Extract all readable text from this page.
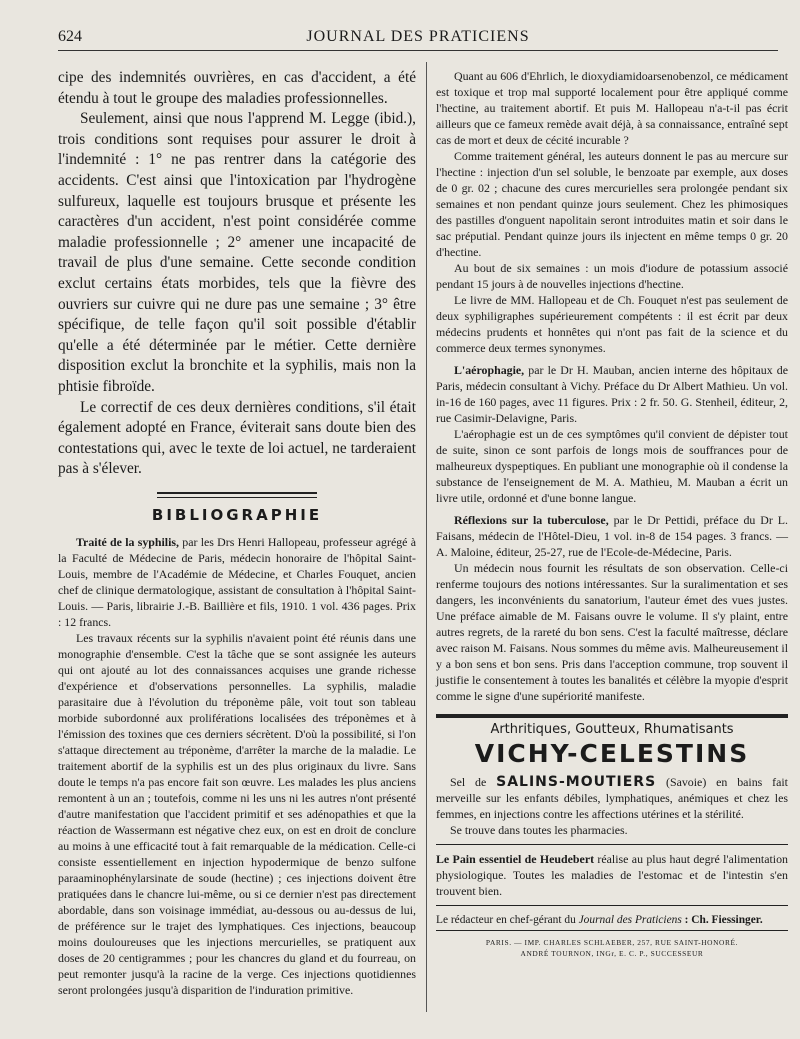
624	JOURNAL DES PRATICIENS

cipe des indemnités ouvrières, en cas d'accident, a été étendu à tout le groupe des maladies professionnelles.

Seulement, ainsi que nous l'apprend M. Legge (ibid.), trois conditions sont requises pour assurer le droit à l'indemnité : 1° ne pas rentrer dans la catégorie des accidents. C'est ainsi que l'intoxication par l'hydrogène sulfureux, laquelle est toujours brusque et présente les caractères d'un accident, n'est point considérée comme maladie professionnelle ; 2° amener une incapacité de travail de plus d'une semaine. Cette seconde condition exclut certains états morbides, tels que la fièvre des ouvriers sur cuivre qui ne dure pas une semaine ; 3° être spécifique, de telle façon qu'il soit possible d'établir qu'elle a été déterminée par le métier. Cette dernière disposition exclut la bronchite et la syphilis, mais non la phtisie fibroïde.

Le correctif de ces deux dernières conditions, s'il était également adopté en France, éviterait sans doute bien des contestations qui, avec le texte de loi actuel, ne tarderaient pas à s'élever.

BIBLIOGRAPHIE

Traité de la syphilis, par les Drs Henri Hallopeau, professeur agrégé à la Faculté de Médecine de Paris, médecin honoraire de l'hôpital Saint-Louis, membre de l'Académie de Médecine, et Charles Fouquet, ancien chef de clinique dermatologique, assistant de consultation à l'hôpital Saint-Louis. — Paris, librairie J.-B. Baillière et fils, 1910. 1 vol. 436 pages. Prix : 12 francs.

Les travaux récents sur la syphilis n'avaient point été réunis dans une monographie d'ensemble. C'est la tâche que se sont assignée les auteurs qui ont ajouté au lot des connaissances acquises une grande richesse d'expérience et d'observations personnelles. La syphilis, maladie parasitaire due à l'évolution du tréponème pâle, voit tout son tableau morbide subordonné aux proliférations localisées des tréponèmes et à l'émission des toxines que ces derniers sécrètent. D'où la possibilité, si l'on s'attaque directement au tréponème, d'arrêter la marche de la maladie. Le traitement abortif de la syphilis est un des plus originaux du livre. Sans doute le temps n'a pas encore fait son œuvre. Les malades les plus anciens remontent à un an ; toutefois, comme ni les uns ni les autres n'ont présenté d'autre manifestation que l'accident primitif et ses adénopathies et que la réaction de Wassermann est négative chez eux, on est en droit de conclure au moins à une efficacité tout à fait remarquable de la médication. Celle-ci consiste essentiellement en injection hypodermique de benzo sulfone paraaminophénylarsinate de soude (hectine) ; ces injections doivent être pratiquées dans le chancre lui-même, ou si ce dernier n'est pas directement abordable, dans son voisinage immédiat, au-dessous ou au-dessus de lui, de préférence sur le trajet des lymphatiques. Ces injections, beaucoup moins douloureuses que les injections mercurielles, se pratiquent aux doses de 20 centigrammes ; pour les chancres du gland et du fourreau, on peut remonter jusqu'à la racine de la verge. Ces injections quotidiennes seront prolongées jusqu'à disparition de l'induration primitive.

Quant au 606 d'Ehrlich, le dioxydiamidoarsenobenzol, ce médicament est toxique et trop mal supporté localement pour être appliqué comme l'hectine, au traitement abortif. Et puis M. Hallopeau n'a-t-il pas écrit ailleurs que ce fameux remède avait déjà, à sa connaissance, entraîné sept cas de mort et deux de cécité incurable ?

Comme traitement général, les auteurs donnent le pas au mercure sur l'hectine : injection d'un sel soluble, le benzoate par exemple, aux doses de 0 gr. 02 ; chacune des cures mercurielles sera prolongée pendant six semaines et non pendant quinze jours seulement. Chez les phimosiques des pastilles d'onguent napolitain seront introduites matin et soir dans le sac préputial. Pendant quinze jours ils injectent en même temps 0 gr. 20 d'hectine.

Au bout de six semaines : un mois d'iodure de potassium associé pendant 15 jours à de nouvelles injections d'hectine.

Le livre de MM. Hallopeau et de Ch. Fouquet n'est pas seulement de deux syphiligraphes supérieurement compétents : il est écrit par deux médecins prudents et honnêtes qui n'ont pas fait de la science et du commerce deux termes synonymes.

L'aérophagie, par le Dr H. Mauban, ancien interne des hôpitaux de Paris, médecin consultant à Vichy. Préface du Dr Albert Mathieu. Un vol. in-16 de 160 pages, avec 11 figures. Prix : 2 fr. 50. G. Stenheil, éditeur, 2, rue Casimir-Delavigne, Paris.

L'aérophagie est un de ces symptômes qu'il convient de dépister tout de suite, sinon ce sont parfois de longs mois de souffrances pour de malheureux dyspeptiques. En publiant une monographie où il condense la substance de l'enseignement de M. A. Mathieu, M. Mauban a écrit un livre utile, ordonné et d'une bonne langue.

Réflexions sur la tuberculose, par le Dr Pettidi, préface du Dr L. Faisans, médecin de l'Hôtel-Dieu, 1 vol. in-8 de 154 pages. 3 francs. — A. Maloine, éditeur, 25-27, rue de l'Ecole-de-Médecine, Paris.

Un médecin nous fournit les résultats de son observation. Celle-ci renferme toujours des notions intéressantes. Sur la suralimentation et ses dangers, les inconvénients du sanatorium, l'auteur émet des vues justes. Une préface aimable de M. Faisans ouvre le volume. Il s'y plaint, entre autres regrets, de la rareté du bon sens. C'est la faculté maîtresse, déclare avec raison M. Faisans. Nous sommes du même avis. Malheureusement il y a bon sens et bon sens. Pris dans l'acception commune, trop souvent il justifie le consentement à toutes les banalités et célèbre la myopie d'esprit comme le signe d'une supériorité manifeste.

Arthritiques, Goutteux, Rhumatisants
VICHY-CELESTINS

Sel de SALINS-MOUTIERS (Savoie) en bains fait merveille sur les enfants débiles, lymphatiques, anémiques et chez les femmes, en injections contre les affections utérines et la stérilité.

Se trouve dans toutes les pharmacies.

Le Pain essentiel de Heudebert réalise au plus haut degré l'alimentation physiologique. Toutes les maladies de l'estomac et de l'intestin s'en trouvent bien.

Le rédacteur en chef-gérant du Journal des Praticiens : Ch. Fiessinger.
PARIS. — IMP. CHARLES SCHLAEBER, 257, RUE SAINT-HONORÉ.
ANDRÉ TOURNON, INGr, E. C. P., SUCCESSEUR
